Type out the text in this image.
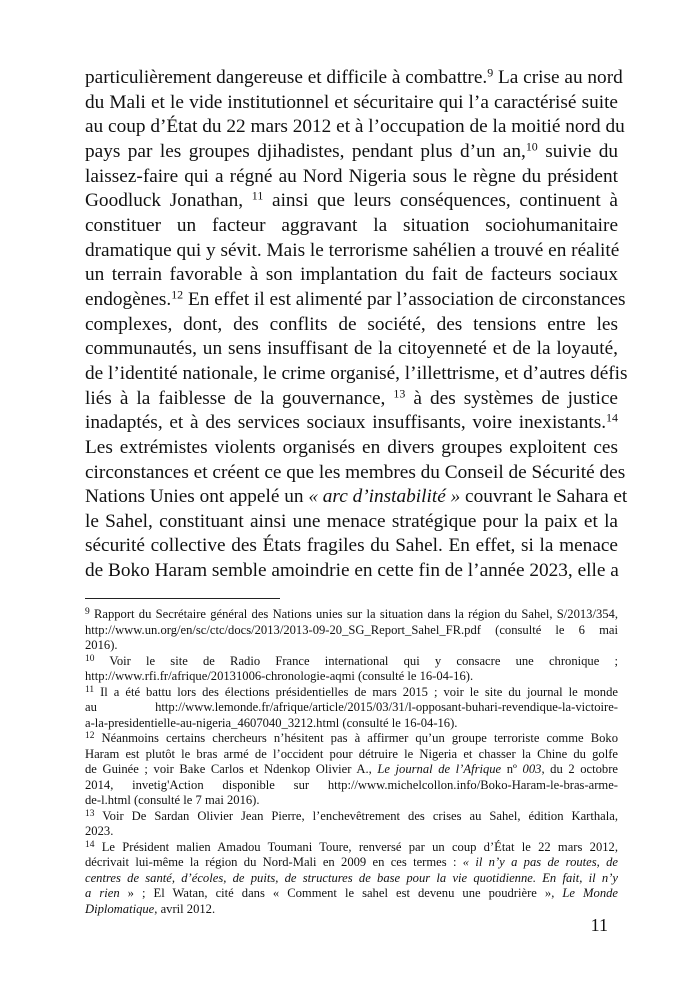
particulièrement dangereuse et difficile à combattre.$^9$ La crise au nord
du Mali et le vide institutionnel et sécuritaire qui l’a caractérisé suite
au coup d’État du 22 mars 2012 et à l’occupation de la moitié nord du
pays par les groupes djihadistes, pendant plus d’un an,$^{10}$ suivie du
laissez-faire qui a régné au Nord Nigeria sous le règne du président
Goodluck Jonathan, $^{11}$ ainsi que leurs conséquences, continuent à
constituer un facteur aggravant la situation sociohumanitaire
dramatique qui y sévit. Mais le terrorisme sahélien a trouvé en réalité
un terrain favorable à son implantation du fait de facteurs sociaux
endogènes.$^{12}$ En effet il est alimenté par l’association de circonstances
complexes, dont, des conflits de société, des tensions entre les
communautés, un sens insuffisant de la citoyenneté et de la loyauté,
de l’identité nationale, le crime organisé, l’illettrisme, et d’autres défis
liés à la faiblesse de la gouvernance, $^{13}$ à des systèmes de justice
inadaptés, et à des services sociaux insuffisants, voire inexistants.$^{14}$
Les extrémistes violents organisés en divers groupes exploitent ces
circonstances et créent ce que les membres du Conseil de Sécurité des
Nations Unies ont appelé un « arc d’instabilité » couvrant le Sahara et
le Sahel, constituant ainsi une menace stratégique pour la paix et la
sécurité collective des États fragiles du Sahel. En effet, si la menace
de Boko Haram semble amoindrie en cette fin de l’année 2023, elle a
$^9$ Rapport du Secrétaire général des Nations unies sur la situation dans la région du Sahel, S/2013/354,
http://www.un.org/en/sc/ctc/docs/2013/2013-09-20_SG_Report_Sahel_FR.pdf (consulté le 6 mai
2016).
$^{10}$ Voir le site de Radio France international qui y consacre une chronique ;
http://www.rfi.fr/afrique/20131006-chronologie-aqmi (consulté le 16-04-16).
$^{11}$ Il a été battu lors des élections présidentielles de mars 2015 ; voir le site du journal le monde
au http://www.lemonde.fr/afrique/article/2015/03/31/l-opposant-buhari-revendique-la-victoire-
a-la-presidentielle-au-nigeria_4607040_3212.html (consulté le 16-04-16).
$^{12}$ Néanmoins certains chercheurs n’hésitent pas à affirmer qu’un groupe terroriste comme Boko
Haram est plutôt le bras armé de l’occident pour détruire le Nigeria et chasser la Chine du golfe
de Guinée ; voir Bake Carlos et Ndenkop Olivier A., Le journal de l’Afrique nº 003, du 2 octobre
2014, invetig'Action disponible sur http://www.michelcollon.info/Boko-Haram-le-bras-arme-
de-l.html (consulté le 7 mai 2016).
$^{13}$ Voir De Sardan Olivier Jean Pierre, l’enchevêtrement des crises au Sahel, édition Karthala,
2023.
$^{14}$ Le Président malien Amadou Toumani Toure, renversé par un coup d’État le 22 mars 2012,
décrivait lui-même la région du Nord-Mali en 2009 en ces termes : « il n’y a pas de routes, de
centres de santé, d’écoles, de puits, de structures de base pour la vie quotidienne. En fait, il n’y
a rien » ; El Watan, cité dans « Comment le sahel est devenu une poudrière », Le Monde
Diplomatique, avril 2012.
11
